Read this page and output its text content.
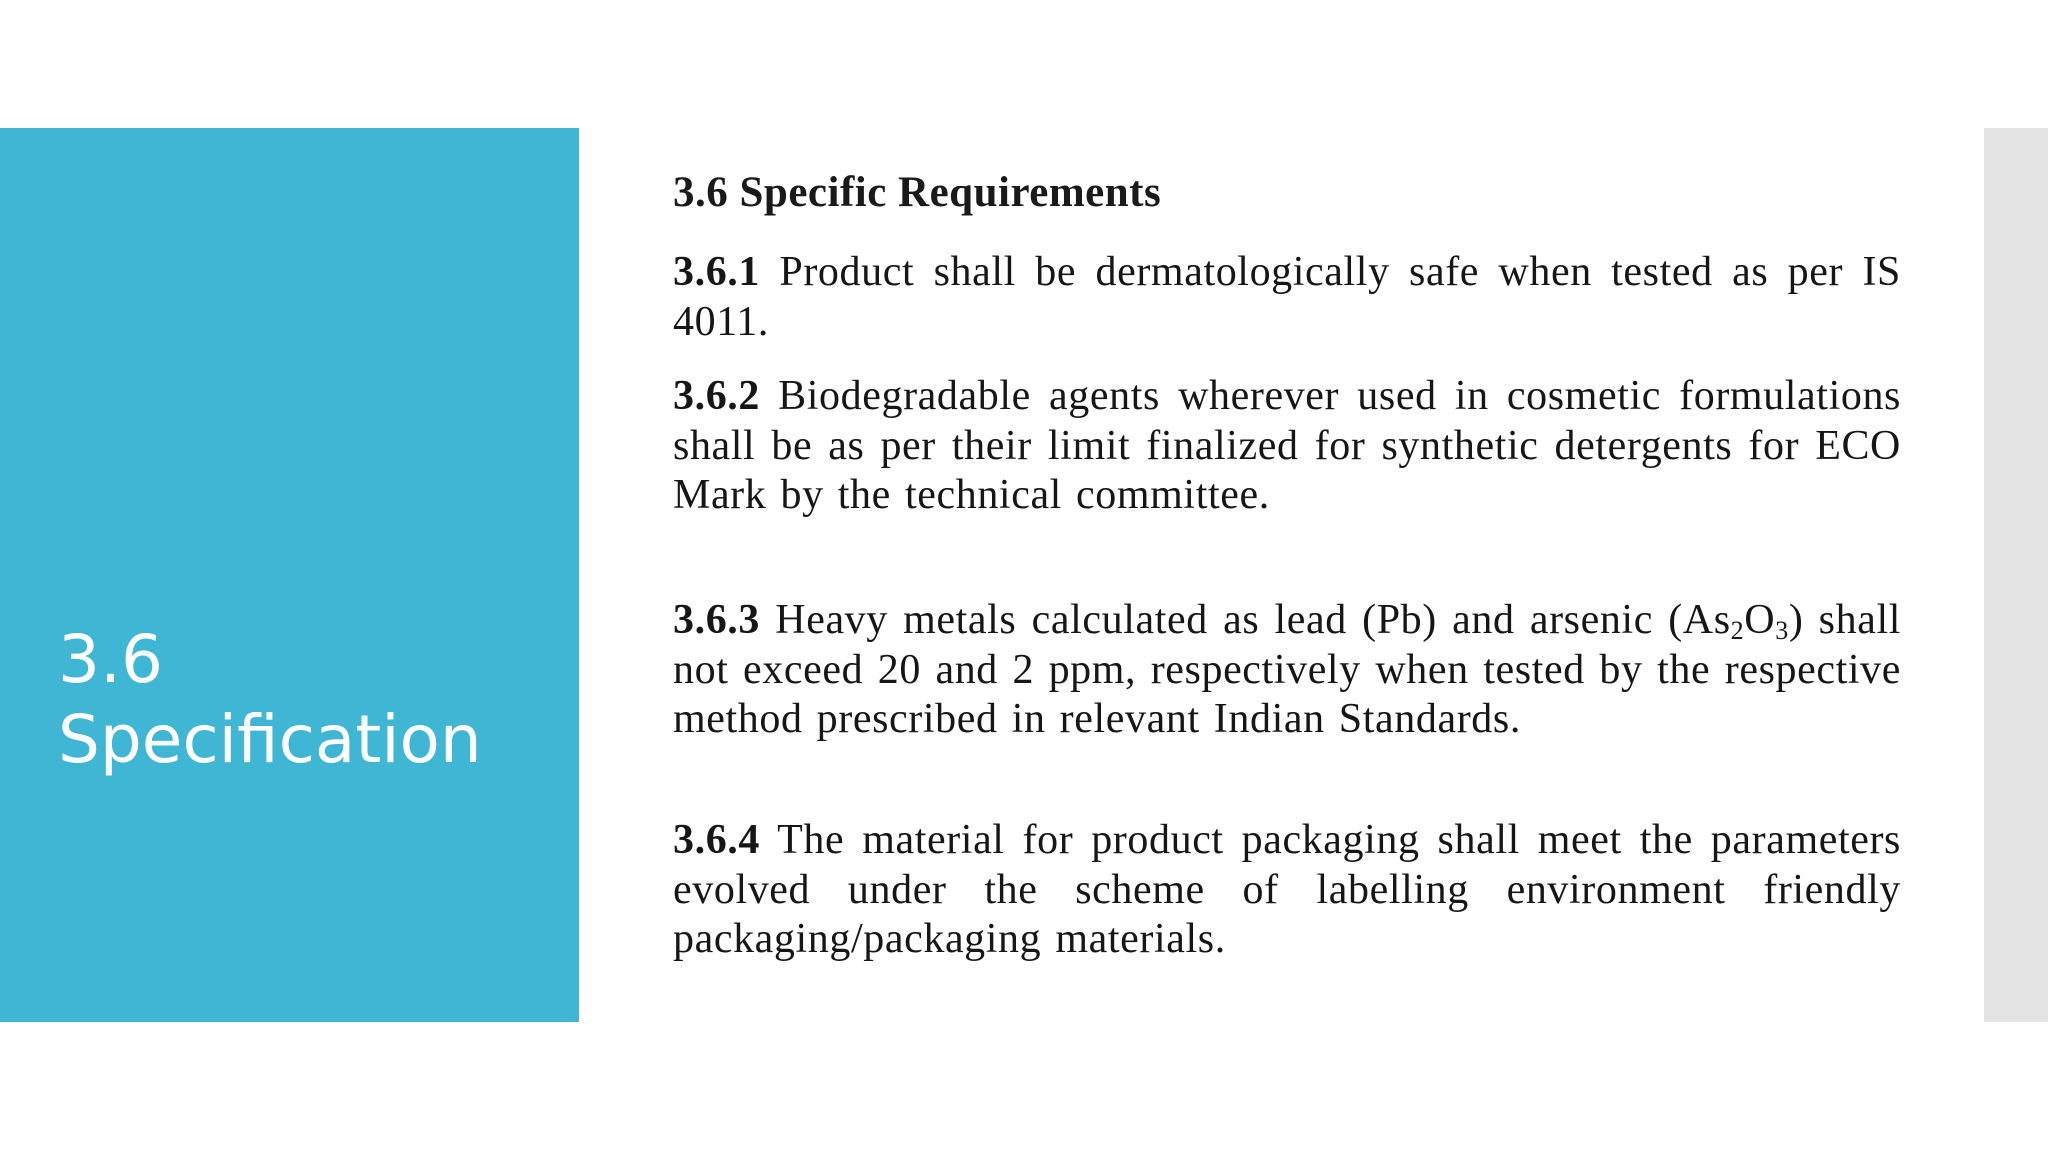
3.6
Specification
3.6 Specific Requirements
3.6.1 Product shall be dermatologically safe when tested as per IS 4011.
3.6.2 Biodegradable agents wherever used in cosmetic formulations shall be as per their limit finalized for synthetic detergents for ECO Mark by the technical committee.
3.6.3 Heavy metals calculated as lead (Pb) and arsenic $(As_2O_3)$ shall not exceed 20 and 2 ppm, respectively when tested by the respective method prescribed in relevant Indian Standards.
3.6.4 The material for product packaging shall meet the parameters evolved under the scheme of labelling environment friendly packaging/packaging materials.
